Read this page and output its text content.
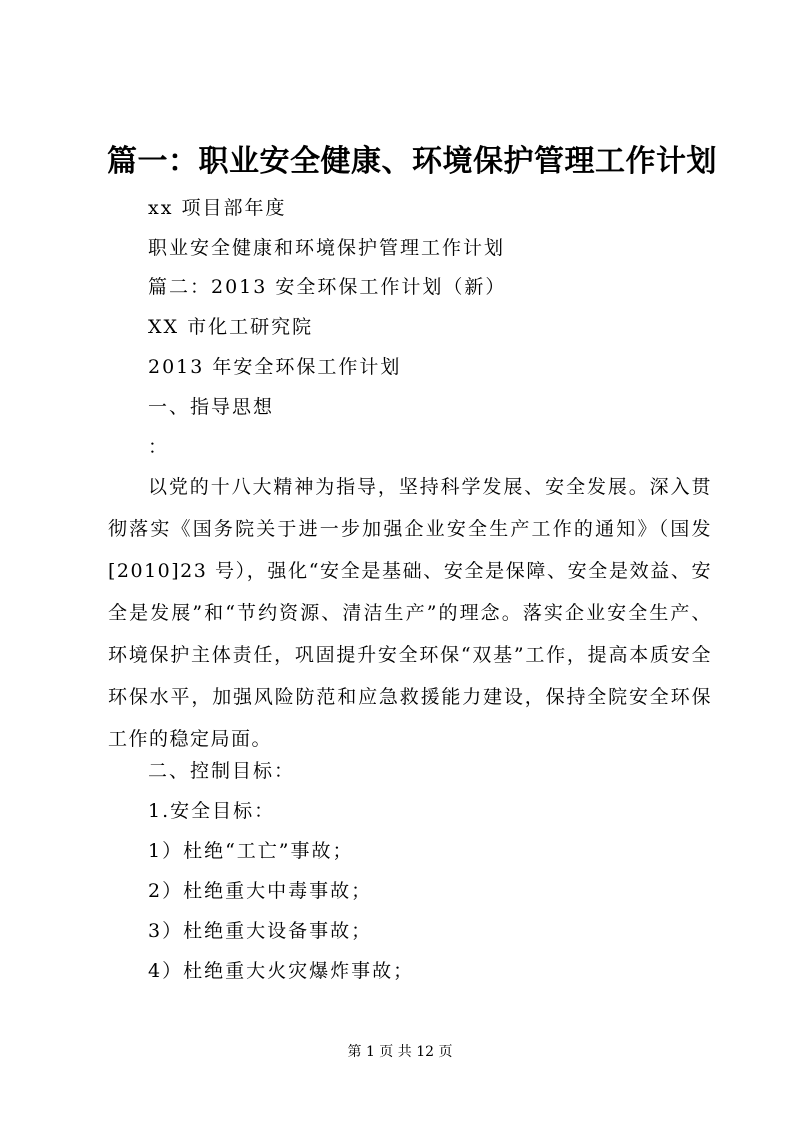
篇一：职业安全健康、环境保护管理工作计划
xx 项目部年度
职业安全健康和环境保护管理工作计划
篇二：2013 安全环保工作计划（新）
XX 市化工研究院
2013 年安全环保工作计划
一、指导思想
：
以党的十八大精神为指导，坚持科学发展、安全发展。深入贯彻落实《国务院关于进一步加强企业安全生产工作的通知》（国发[2010]23 号），强化“安全是基础、安全是保障、安全是效益、安全是发展”和“节约资源、清洁生产”的理念。落实企业安全生产、环境保护主体责任，巩固提升安全环保“双基”工作，提高本质安全环保水平，加强风险防范和应急救援能力建设，保持全院安全环保工作的稳定局面。
二、控制目标：
1.安全目标：
1）杜绝“工亡”事故；
2）杜绝重大中毒事故；
3）杜绝重大设备事故；
4）杜绝重大火灾爆炸事故；
第 1 页 共 12 页
